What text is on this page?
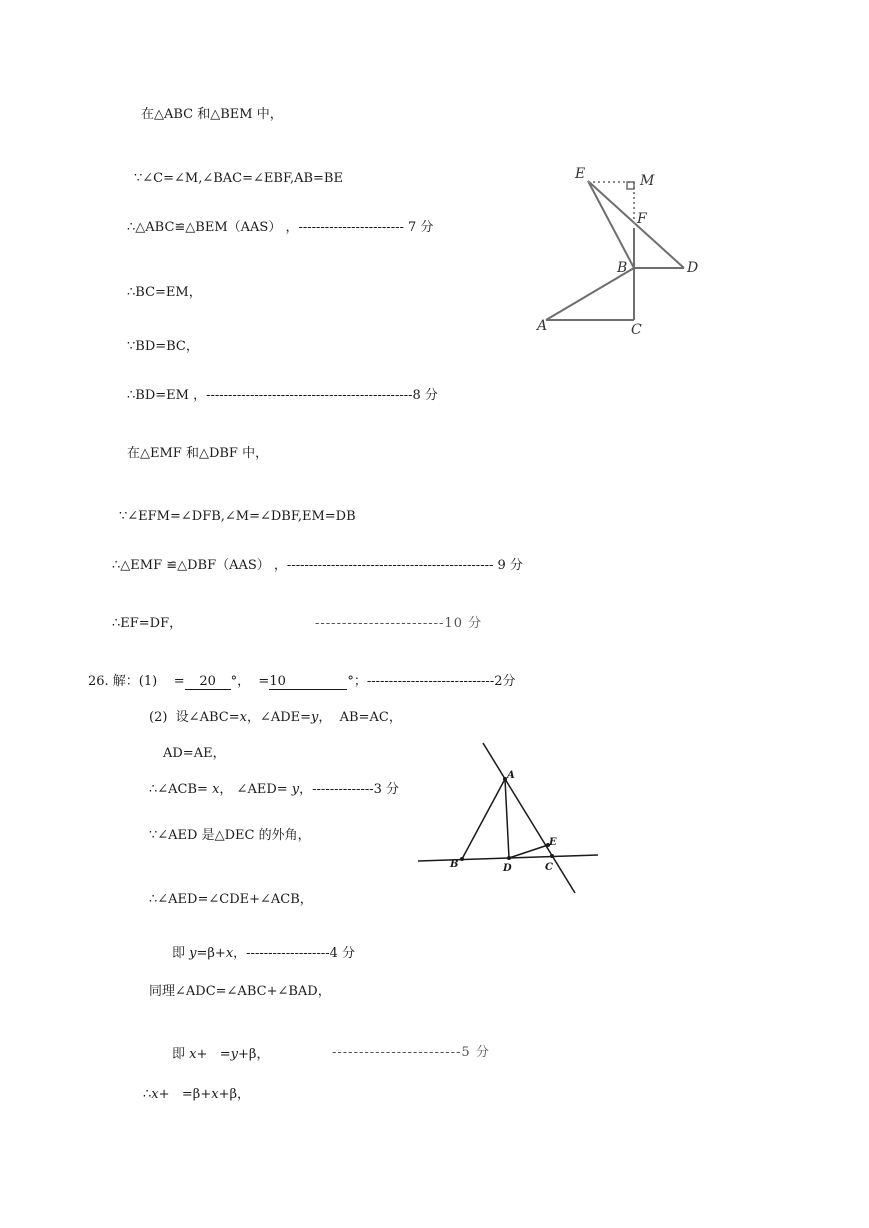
在△ABC 和△BEM 中，
∵∠C=∠M,∠BAC=∠EBF,AB=BE
∴△ABC≌△BEM（AAS） ，------------------------ 7 分
∴BC=EM，
∵BD=BC，
∴BD=EM ，-----------------------------------------------8 分
在△EMF 和△DBF 中，
∵∠EFM=∠DFB,∠M=∠DBF,EM=DB
∴△EMF ≌△DBF（AAS） ，----------------------------------------------- 9 分
∴EF=DF，	------------------------10 分
E	M
F
B	D
A	C
26. 解：(1)    = 20 °，  =10	°；-----------------------------2分
(2)  设∠ABC=x，∠ADE=y，  AB=AC，
AD=AE，
∴∠ACB= x， ∠AED= y，--------------3 分
∵∠AED 是△DEC 的外角，
∴∠AED=∠CDE+∠ACB，
即 y=β+x，-------------------4 分
同理∠ADC=∠ABC+∠BAD，
即 x+   =y+β，	------------------------5 分
∴x+   =β+x+β，
A
E
B	D	C
